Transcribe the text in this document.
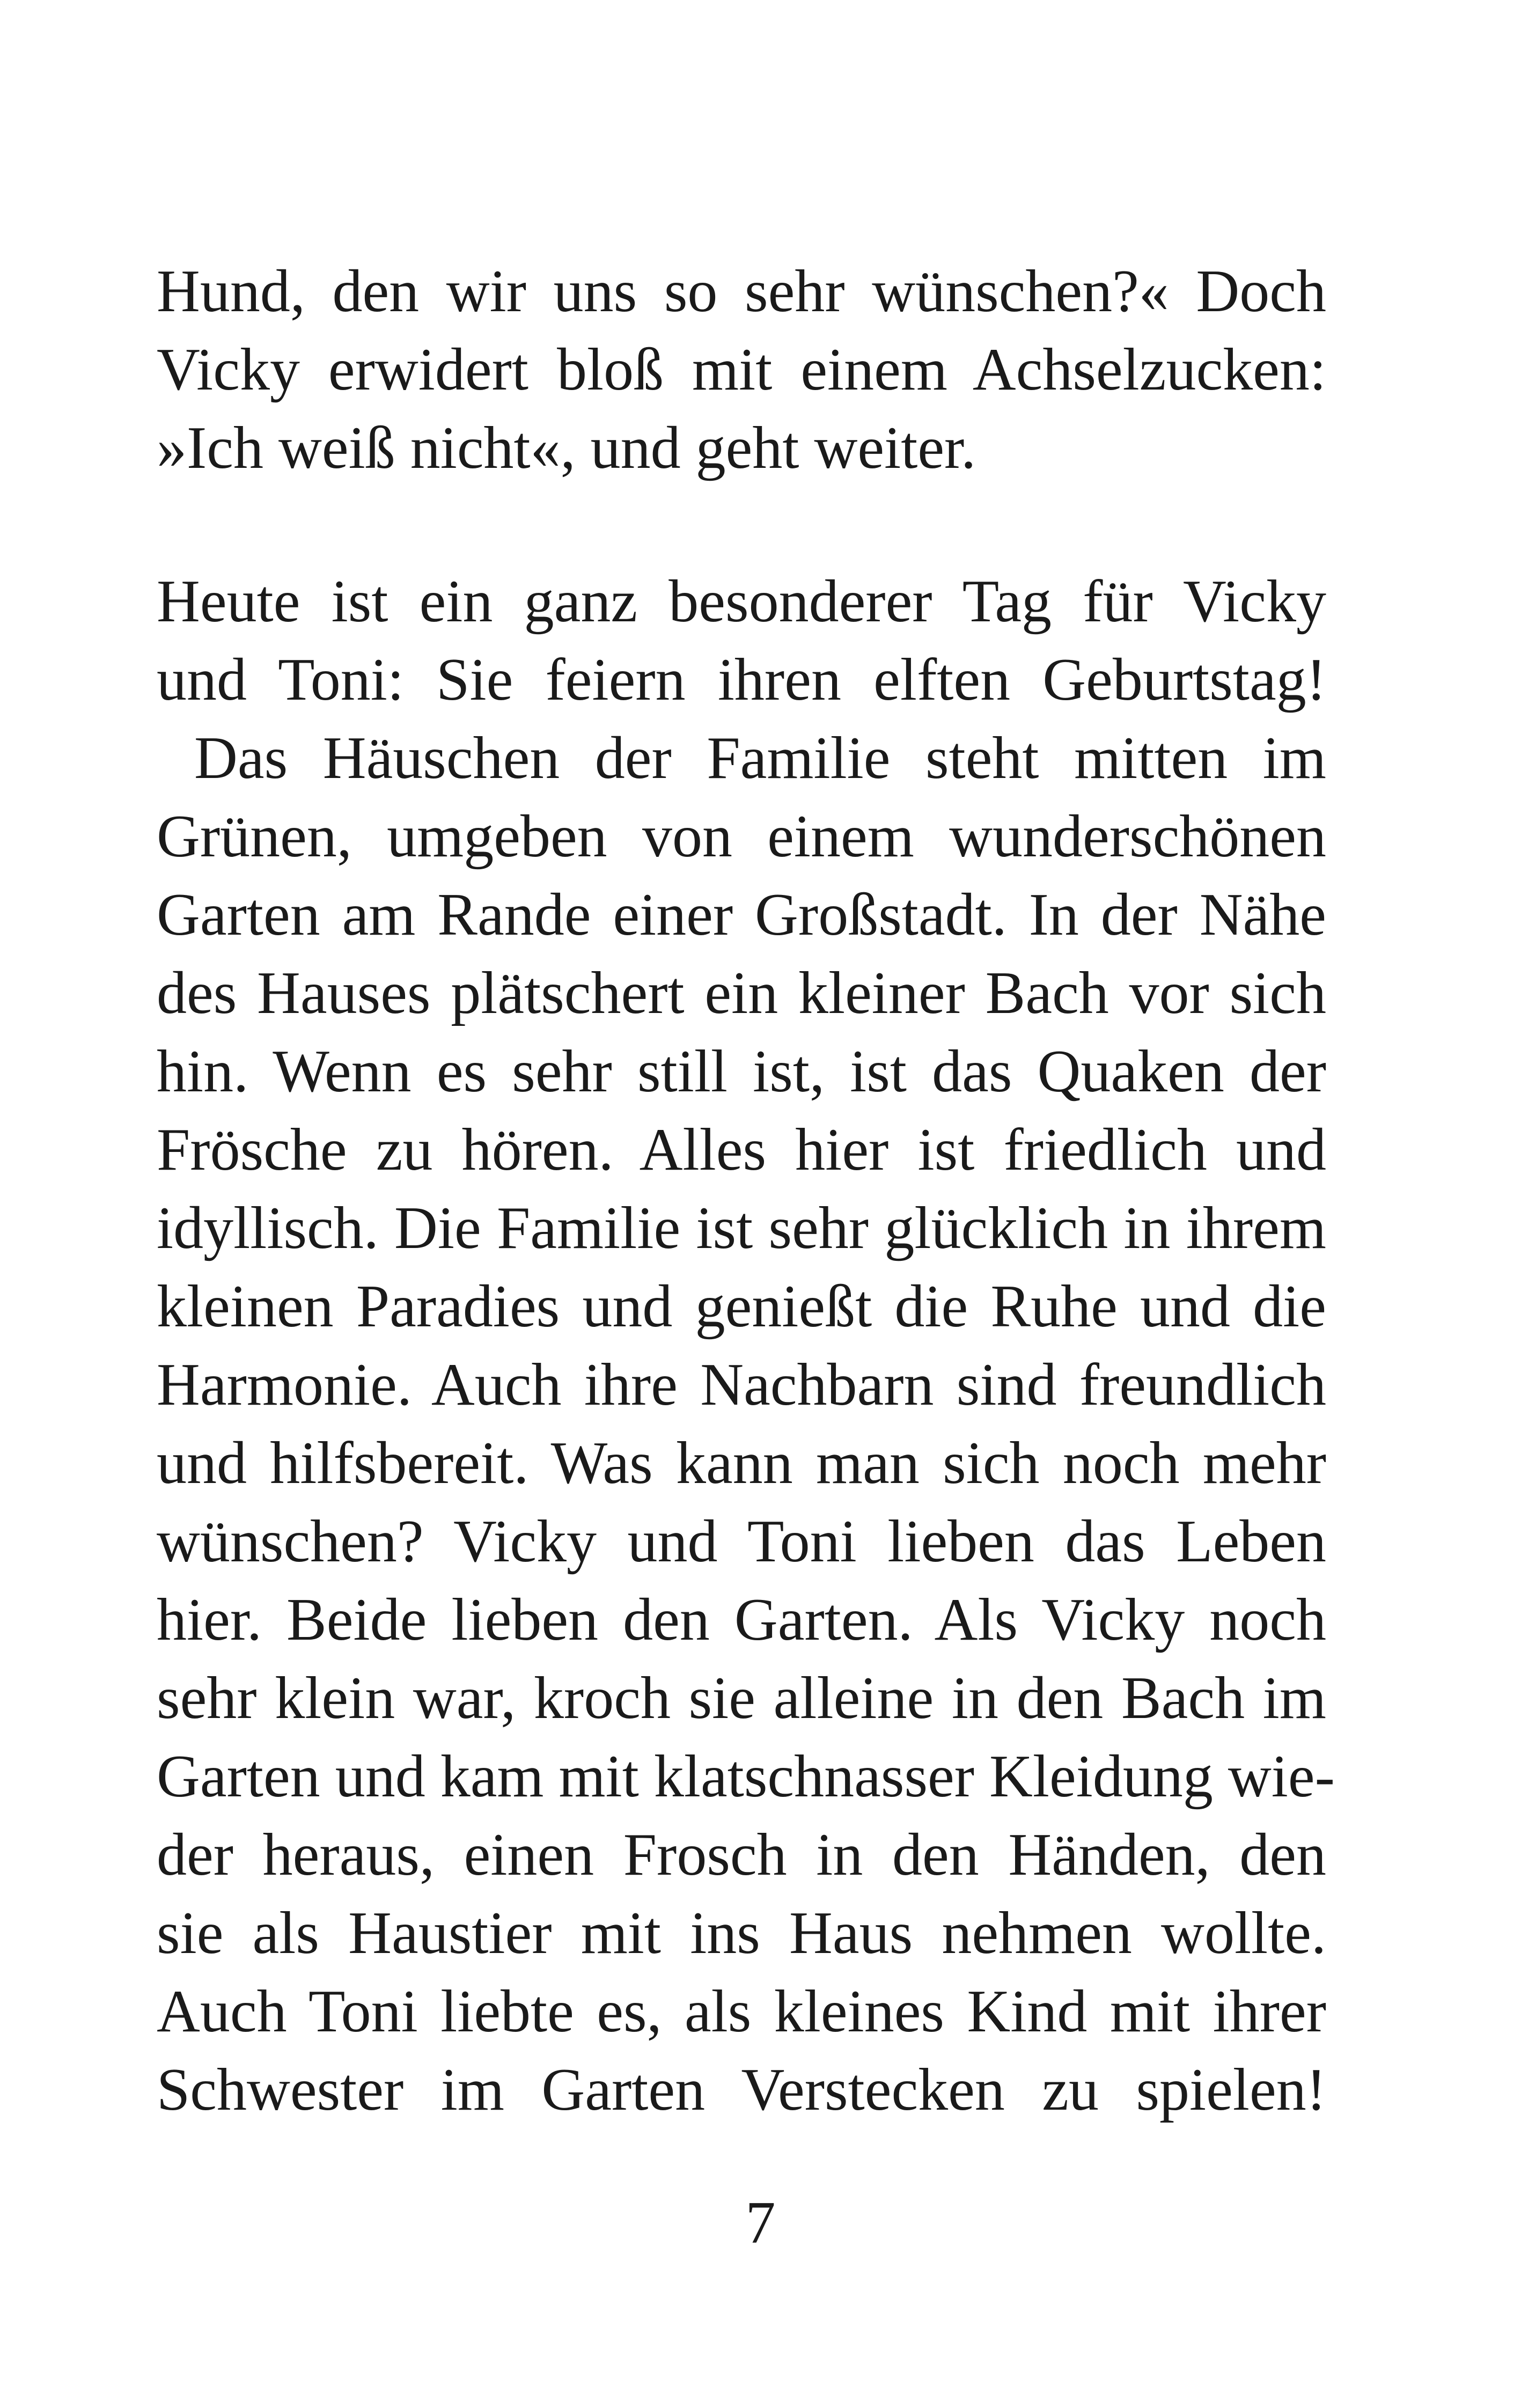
Hund, den wir uns so sehr wünschen?« Doch
Vicky erwidert bloß mit einem Achselzucken:
»Ich weiß nicht«, und geht weiter.
Heute ist ein ganz besonderer Tag für Vicky
und Toni: Sie feiern ihren elften Geburtstag!
Das Häuschen der Familie steht mitten im
Grünen, umgeben von einem wunderschönen
Garten am Rande einer Großstadt. In der Nähe
des Hauses plätschert ein kleiner Bach vor sich
hin. Wenn es sehr still ist, ist das Quaken der
Frösche zu hören. Alles hier ist friedlich und
idyllisch. Die Familie ist sehr glücklich in ihrem
kleinen Paradies und genießt die Ruhe und die
Harmonie. Auch ihre Nachbarn sind freundlich
und hilfsbereit. Was kann man sich noch mehr
wünschen? Vicky und Toni lieben das Leben
hier. Beide lieben den Garten. Als Vicky noch
sehr klein war, kroch sie alleine in den Bach im
Garten und kam mit klatschnasser Kleidung wie-
der heraus, einen Frosch in den Händen, den
sie als Haustier mit ins Haus nehmen wollte.
Auch Toni liebte es, als kleines Kind mit ihrer
Schwester im Garten Verstecken zu spielen!
7
